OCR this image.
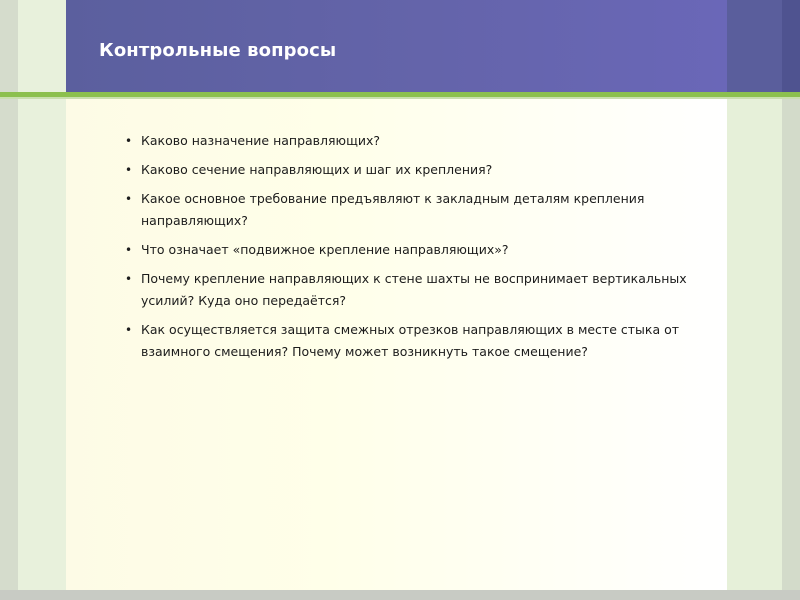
Контрольные вопросы
• Каково назначение направляющих?
• Каково сечение направляющих и шаг их крепления?
• Какое основное требование предъявляют к закладным деталям крепления направляющих?
• Что означает «подвижное крепление направляющих»?
• Почему крепление направляющих к стене шахты не воспринимает вертикальных усилий? Куда оно передаётся?
• Как осуществляется защита смежных отрезков направляющих в месте стыка от взаимного смещения? Почему может возникнуть такое смещение?
